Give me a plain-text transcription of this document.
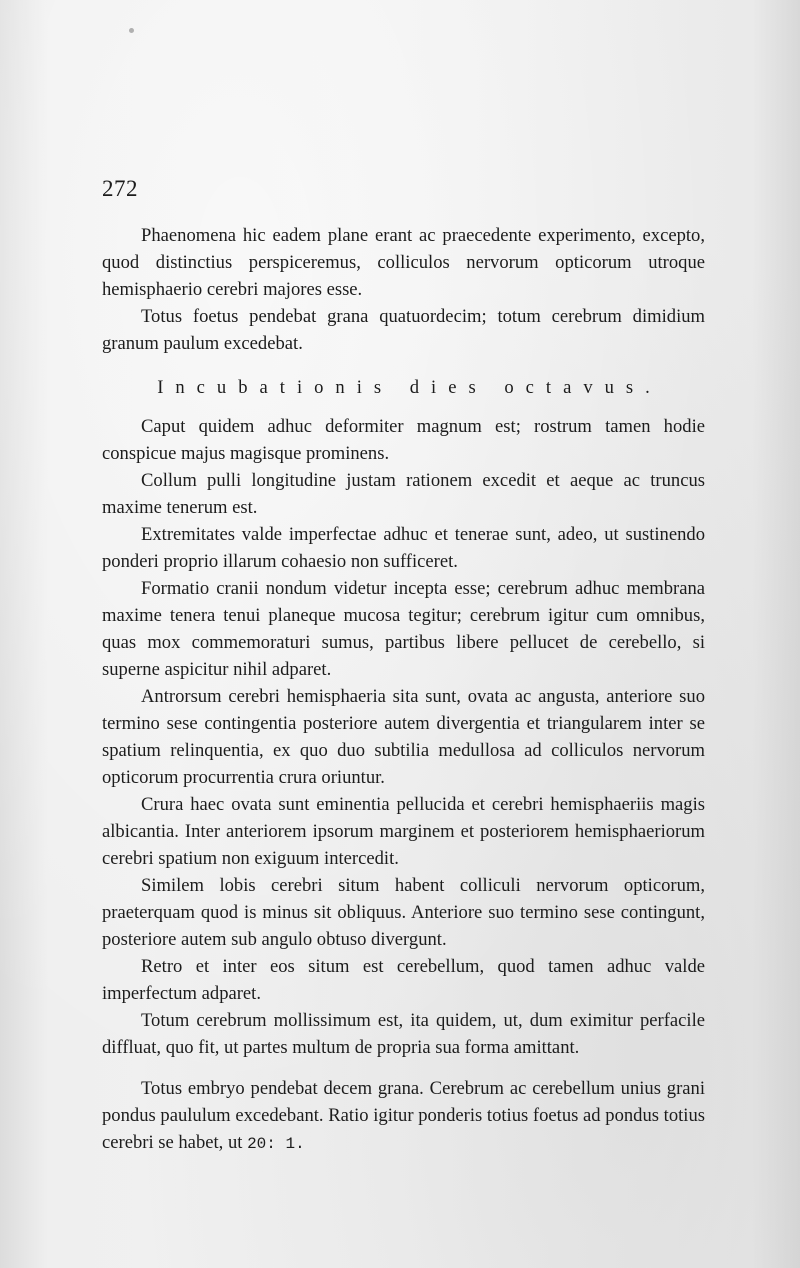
272

Phaenomena hic eadem plane erant ac praecedente experimento, excepto, quod distinctius perspiceremus, colliculos nervorum opticorum utroque hemisphaerio cerebri majores esse.

Totus foetus pendebat grana quatuordecim; totum cerebrum dimidium granum paulum excedebat.

Incubationis dies octavus.

Caput quidem adhuc deformiter magnum est; rostrum tamen hodie conspicue majus magisque prominens.

Collum pulli longitudine justam rationem excedit et aeque ac truncus maxime tenerum est.

Extremitates valde imperfectae adhuc et tenerae sunt, adeo, ut sustinendo ponderi proprio illarum cohaesio non sufficeret.

Formatio cranii nondum videtur incepta esse; cerebrum adhuc membrana maxime tenera tenui planeque mucosa tegitur; cerebrum igitur cum omnibus, quas mox commemoraturi sumus, partibus libere pellucet de cerebello, si superne aspicitur nihil adparet.

Antrorsum cerebri hemisphaeria sita sunt, ovata ac angusta, anteriore suo termino sese contingentia posteriore autem divergentia et triangularem inter se spatium relinquentia, ex quo duo subtilia medullosa ad colliculos nervorum opticorum procurrentia crura oriuntur.

Crura haec ovata sunt eminentia pellucida et cerebri hemisphaeriis magis albicantia. Inter anteriorem ipsorum marginem et posteriorem hemisphaeriorum cerebri spatium non exiguum intercedit.

Similem lobis cerebri situm habent colliculi nervorum opticorum, praeterquam quod is minus sit obliquus. Anteriore suo termino sese contingunt, posteriore autem sub angulo obtuso divergunt.

Retro et inter eos situm est cerebellum, quod tamen adhuc valde imperfectum adparet.

Totum cerebrum mollissimum est, ita quidem, ut, dum eximitur perfacile diffluat, quo fit, ut partes multum de propria sua forma amittant.

Totus embryo pendebat decem grana. Cerebrum ac cerebellum unius grani pondus paululum excedebant. Ratio igitur ponderis totius foetus ad pondus totius cerebri se habet, ut 20: 1.
